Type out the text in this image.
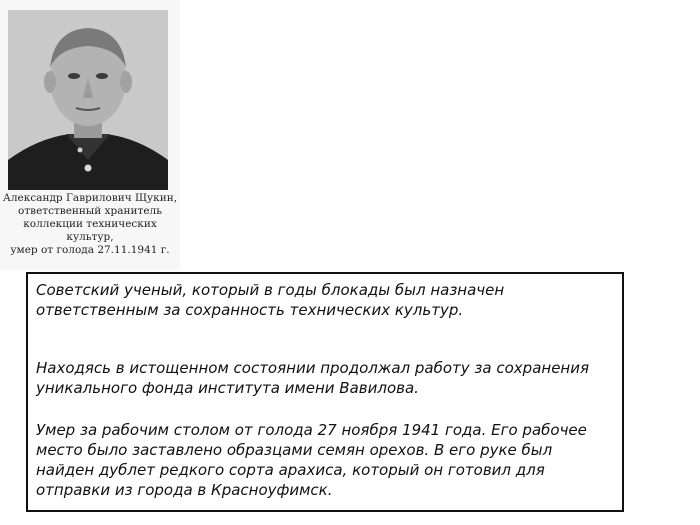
Александр Гаврилович Щукин,
ответственный хранитель
коллекции технических
культур,
умер от голода 27.11.1941 г.

Советский ученый, который в годы блокады был назначен ответственным за сохранность технических культур.

Находясь в истощенном состоянии продолжал работу за сохранения уникального фонда института имени Вавилова.

Умер за рабочим столом от голода 27 ноября 1941 года. Его рабочее место было заставлено образцами семян орехов. В его руке был найден дублет редкого сорта арахиса, который он готовил для отправки из города в Красноуфимск.
